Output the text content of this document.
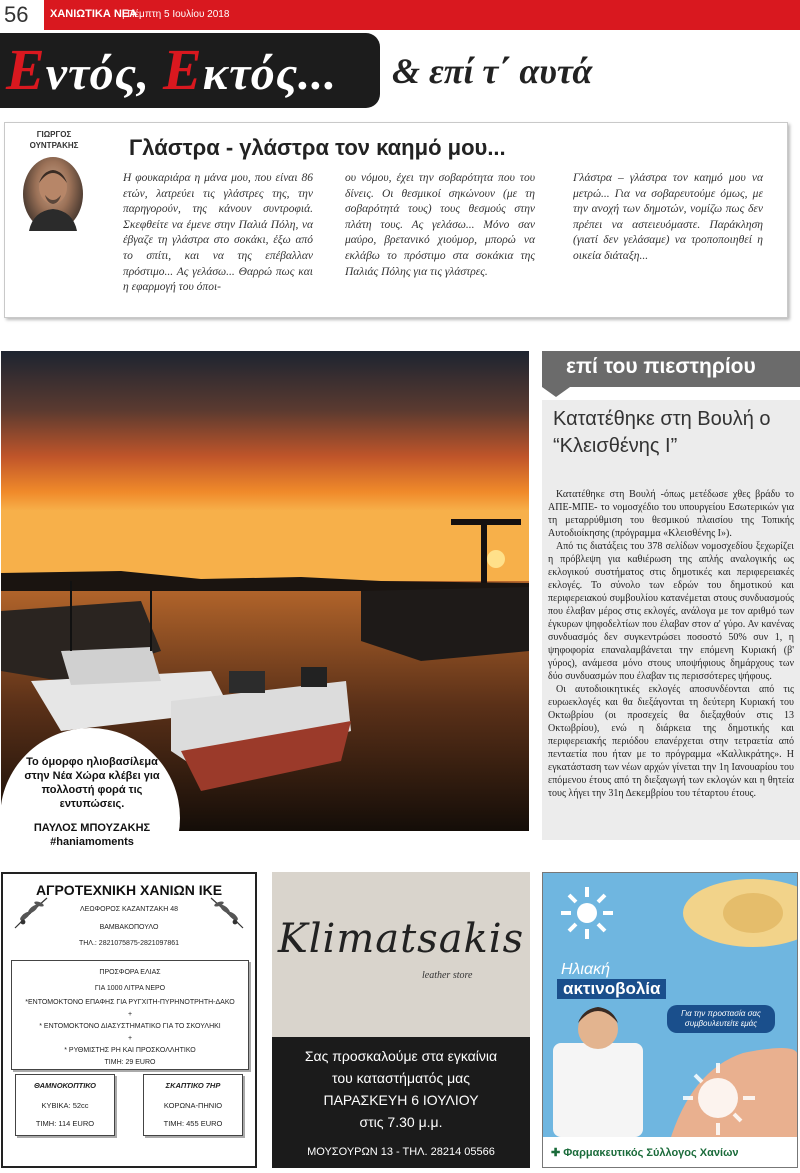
56	ΧΑΝΙΩΤΙΚΑ ΝΕΑ
| Πέμπτη 5 Ιουλίου 2018
Εντός, Εκτός... & επί τ΄ αυτά
ΓΙΩΡΓΟΣ ΟΥΝΤΡΑΚΗΣ	Γλάστρα - γλάστρα τον καημό μου...
Η φουκαριάρα η μάνα μου, που είναι 86 ετών, λατρεύει τις γλάστρες της, την παρηγορούν, της κάνουν συντροφιά. Σκεφθείτε να έμενε στην Παλιά Πόλη, να έβγαζε τη γλάστρα στο σοκάκι, έξω από το σπίτι, και να της επέβαλλαν πρόστιμο... Ας γελάσω... Θαρρώ πως και η εφαρμογή του όποι-
ου νόμου, έχει την σοβαρότητα που του δίνεις. Οι θεσμικοί σηκώνουν (με τη σοβαρότητά τους) τους θεσμούς στην πλάτη τους. Ας γελάσω... Μόνο σαν μαύρο, βρετανικό χιούμορ, μπορώ να εκλάβω το πρόστιμο στα σοκάκια της Παλιάς Πόλης για τις γλάστρες.
Γλάστρα – γλάστρα τον καημό μου να μετρώ... Για να σοβαρευτούμε όμως, με την ανοχή των δημοτών, νομίζω πως δεν πρέπει να αστειευόμαστε. Παράκληση (γιατί δεν γελάσαμε) να τροποποιηθεί η οικεία διάταξη...
Το όμορφο ηλιοβασίλεμα στην Νέα Χώρα κλέβει για πολλοστή φορά τις εντυπώσεις.
ΠΑΥΛΟΣ ΜΠΟΥΖΑΚΗΣ
#haniamoments
επί του πιεστηρίου
Κατατέθηκε στη Βουλή ο “Κλεισθένης Ι”

Κατατέθηκε στη Βουλή -όπως μετέδωσε χθες βράδυ το ΑΠΕ-ΜΠΕ- το νομοσχέδιο του υπουργείου Εσωτερικών για τη μεταρρύθμιση του θεσμικού πλαισίου της Τοπικής Αυτοδιοίκησης (πρόγραμμα «Κλεισθένης Ι»).

Από τις διατάξεις του 378 σελίδων νομοσχεδίου ξεχωρίζει η πρόβλεψη για καθιέρωση της απλής αναλογικής ως εκλογικού συστήματος στις δημοτικές και περιφερειακές εκλογές. Το σύνολο των εδρών του δημοτικού και περιφερειακού συμβουλίου κατανέμεται στους συνδυασμούς που έλαβαν μέρος στις εκλογές, ανάλογα με τον αριθμό των έγκυρων ψηφοδελτίων που έλαβαν στον α' γύρο. Αν κανένας συνδυασμός δεν συγκεντρώσει ποσοστό 50% συν 1, η ψηφοφορία επαναλαμβάνεται την επόμενη Κυριακή (β' γύρος), ανάμεσα μόνο στους υποψήφιους δημάρχους των δύο συνδυασμών που έλαβαν τις περισσότερες ψήφους.

Οι αυτοδιοικητικές εκλογές αποσυνδέονται από τις ευρωεκλογές και θα διεξάγονται τη δεύτερη Κυριακή του Οκτωβρίου (οι προσεχείς θα διεξαχθούν στις 13 Οκτωβρίου), ενώ η διάρκεια της δημοτικής και περιφερειακής περιόδου επανέρχεται στην τετραετία από πενταετία που ήταν με το πρόγραμμα «Καλλικράτης». Η εγκατάσταση των νέων αρχών γίνεται την 1η Ιανουαρίου του επόμενου έτους από τη διεξαγωγή των εκλογών και η θητεία τους λήγει την 31η Δεκεμβρίου του τέταρτου έτους.

ΑΓΡΟΤΕΧΝΙΚΗ ΧΑΝΙΩΝ ΙΚΕ
ΛΕΩΦΟΡΟΣ ΚΑΖΑΝΤΖΑΚΗ 48
ΒΑΜΒΑΚΟΠΟΥΛΟ
ΤΗΛ.: 2821075875-2821097861
ΠΡΟΣΦΟΡΑ ΕΛΙΑΣ
ΓΙΑ 1000 ΛΙΤΡΑ ΝΕΡΟ
*ΕΝΤΟΜΟΚΤΟΝΟ ΕΠΑΦΗΣ ΓΙΑ ΡΥΓΧΙΤΗ-ΠΥΡΗΝΟΤΡΗΤΗ-ΔΑΚΟ
+
* ΕΝΤΟΜΟΚΤΟΝΟ ΔΙΑΣΥΣΤΗΜΑΤΙΚΟ ΓΙΑ ΤΟ ΣΚΟΥΛΗΚΙ
+
* ΡΥΘΜΙΣΤΗΣ PH ΚΑΙ ΠΡΟΣΚΟΛΛΗΤΙΚΟ
ΤΙΜΗ: 29 EURO
ΘΑΜΝΟΚΟΠΤΙΚΟ
ΚΥΒΙΚΑ: 52cc
ΤΙΜΗ: 114 EURO
ΣΚΑΠΤΙΚΟ 7HP
ΚΟΡΩΝΑ-ΠΗΝΙΟ
ΤΙΜΗ: 455 EURO
Klimatsakis
leather store
Σας προσκαλούμε στα εγκαίνια
του καταστήματός μας
ΠΑΡΑΣΚΕΥΗ 6 ΙΟΥΛΙΟΥ
στις 7.30 μ.μ.
ΜΟΥΣΟΥΡΩΝ 13 - ΤΗΛ. 28214 05566
Ηλιακή
ακτινοβολία
Για την προστασία σας συμβουλευτείτε εμάς
✚ Φαρμακευτικός Σύλλογος Χανίων
